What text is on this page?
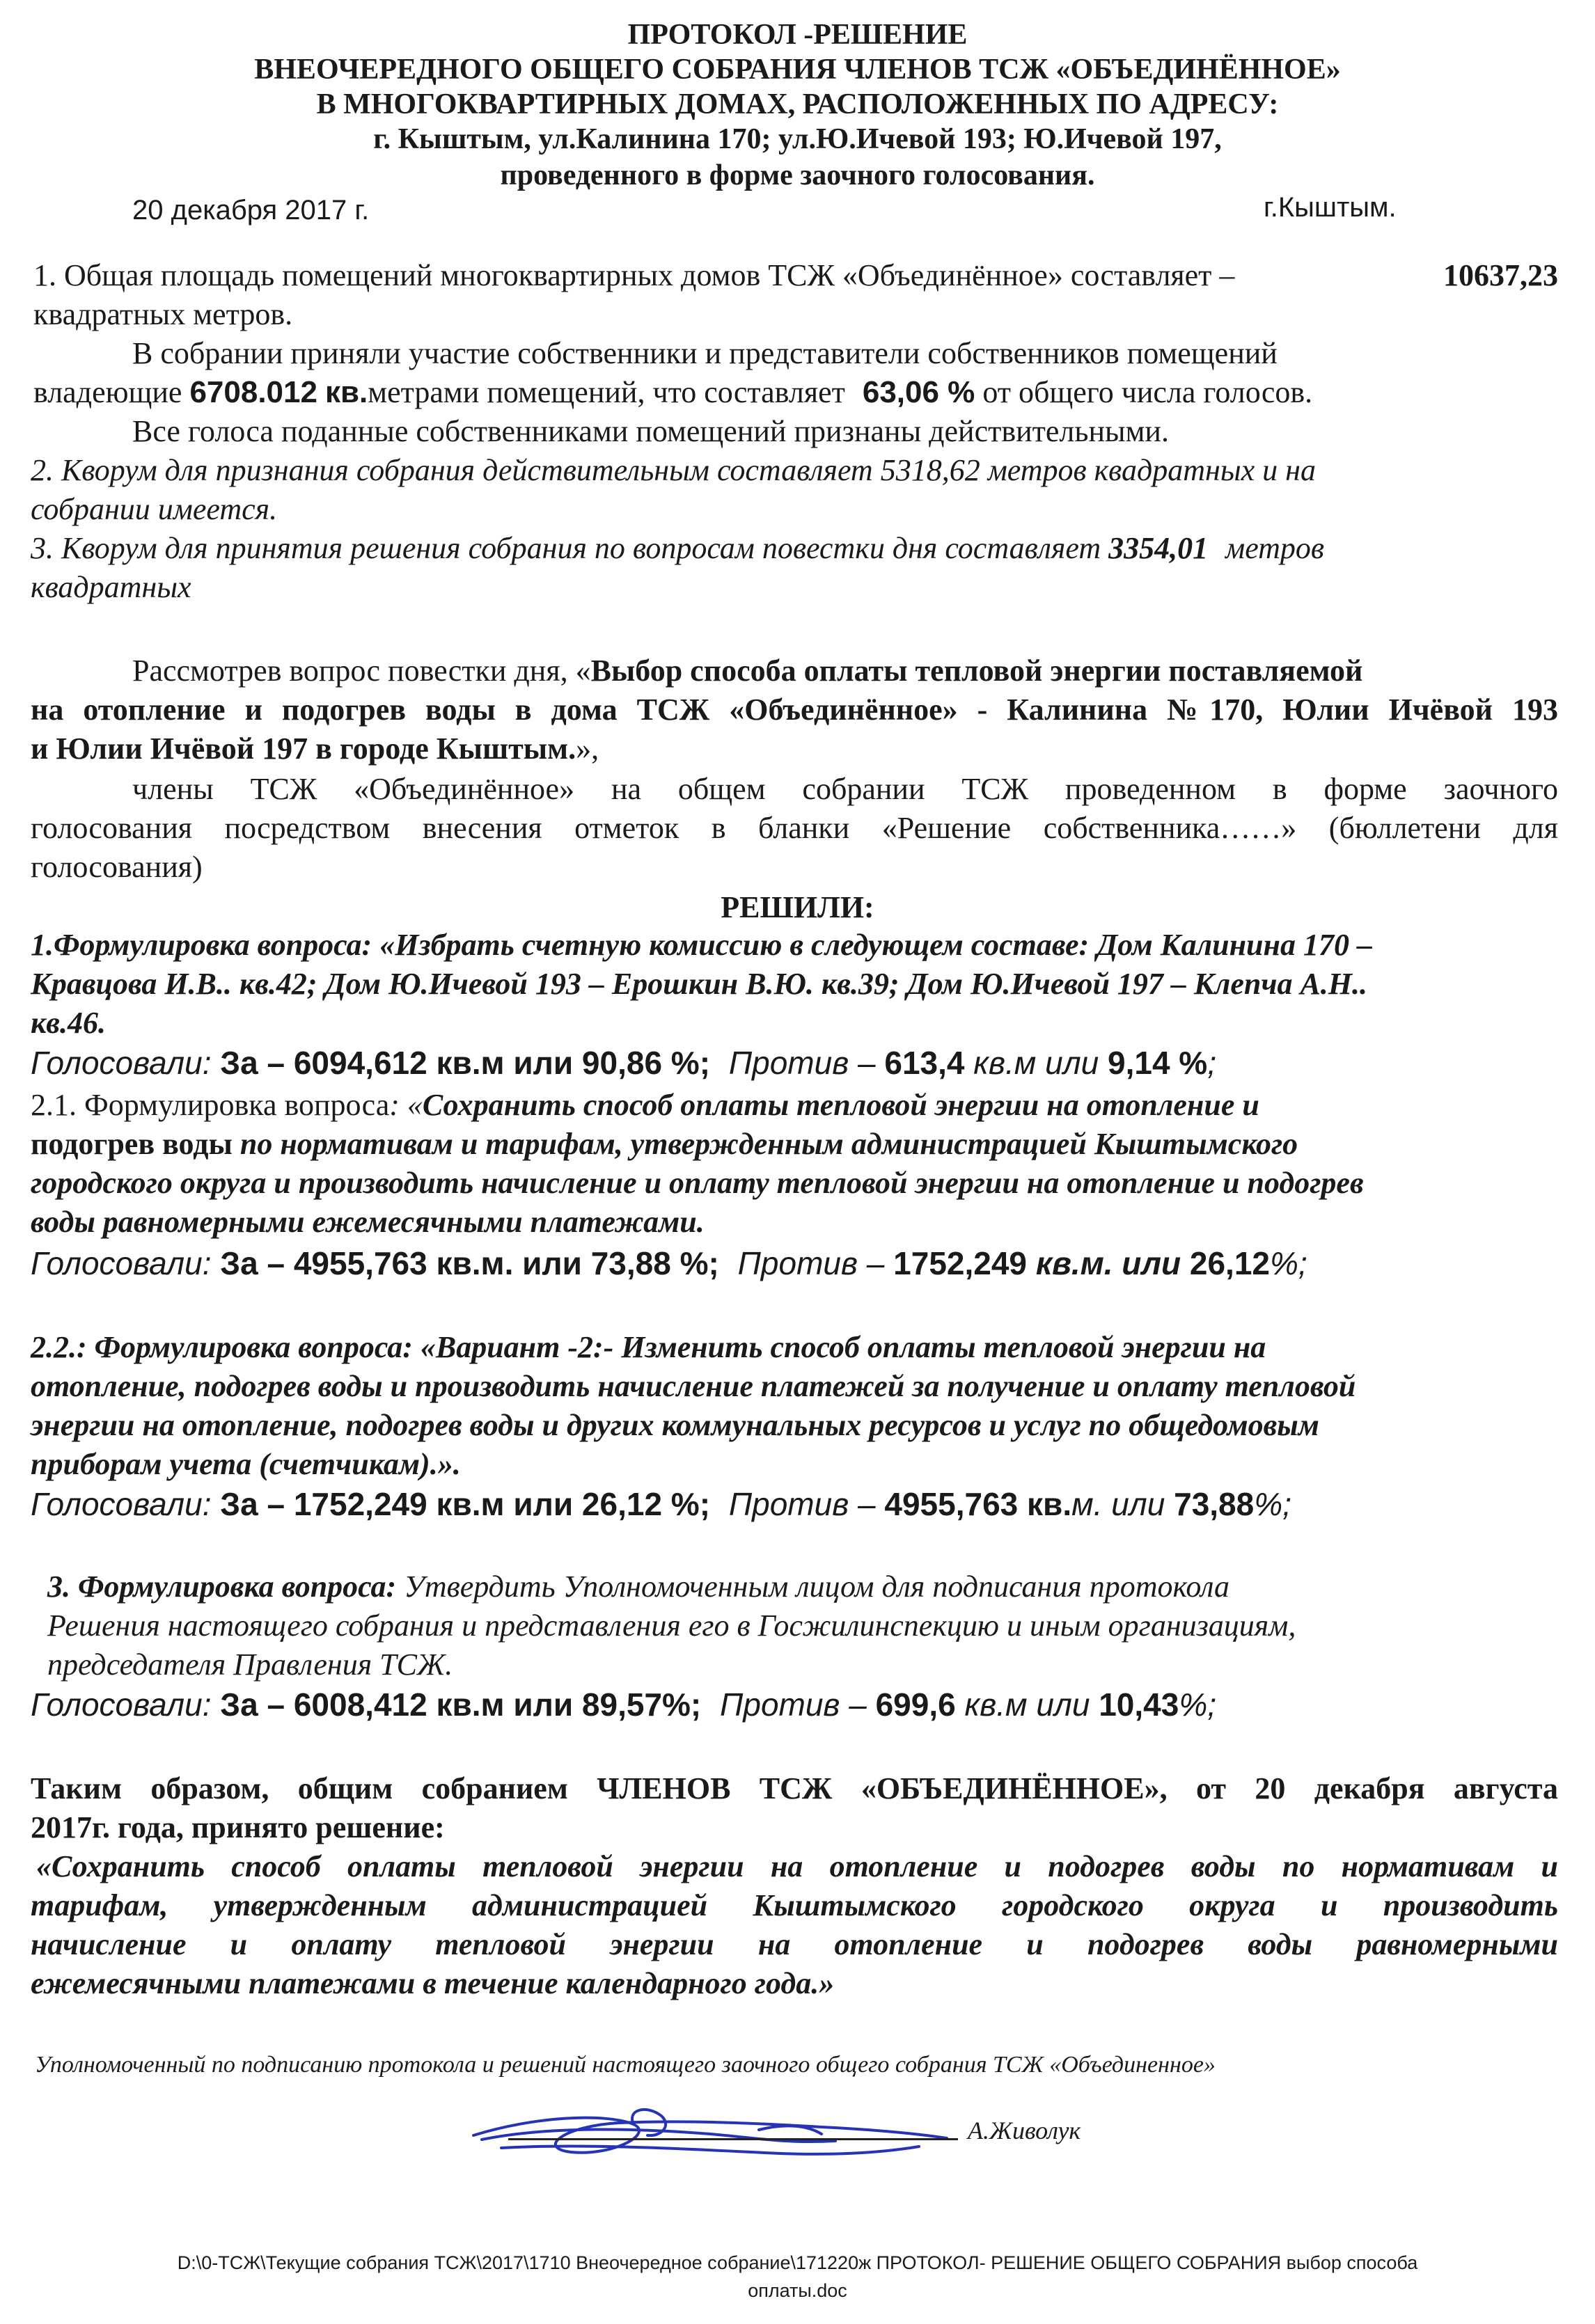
ПРОТОКОЛ -РЕШЕНИЕ
ВНЕОЧЕРЕДНОГО ОБЩЕГО СОБРАНИЯ ЧЛЕНОВ ТСЖ «ОБЪЕДИНЁННОЕ»
В МНОГОКВАРТИРНЫХ ДОМАХ, РАСПОЛОЖЕННЫХ ПО АДРЕСУ:
г. Кыштым, ул.Калинина 170; ул.Ю.Ичевой 193; Ю.Ичевой 197,
проведенного в форме заочного голосования.
20 декабря 2017 г.	г.Кыштым.
1. Общая площадь помещений многоквартирных домов ТСЖ «Объединённое» составляет –	10637,23
квадратных метров.
В собрании приняли участие собственники и представители собственников помещений
владеющие 6708.012 кв.метрами помещений, что составляет 63,06 % от общего числа голосов.
Все голоса поданные собственниками помещений признаны действительными.
2. Кворум для признания собрания действительным составляет 5318,62 метров квадратных и на
собрании имеется.
3. Кворум для принятия решения собрания по вопросам повестки дня составляет 3354,01 метров
квадратных
Рассмотрев вопрос повестки дня, «Выбор способа оплаты тепловой энергии поставляемой
на отопление и подогрев воды в дома ТСЖ «Объединённое» - Калинина №170, Юлии Ичёвой 193
и Юлии Ичёвой 197 в городе Кыштым.»,
члены ТСЖ «Объединённое» на общем собрании ТСЖ проведенном в форме заочного
голосования посредством внесения отметок в бланки «Решение собственника……» (бюллетени для
голосования)
РЕШИЛИ:
1.Формулировка вопроса: «Избрать счетную комиссию в следующем составе: Дом Калинина 170 –
Кравцова И.В.. кв.42; Дом Ю.Ичевой 193 – Ерошкин В.Ю. кв.39; Дом Ю.Ичевой 197 – Клепча А.Н..
кв.46.
Голосовали: За – 6094,612 кв.м или 90,86 %; Против – 613,4 кв.м или 9,14 %;
2.1. Формулировка вопроса: «Сохранить способ оплаты тепловой энергии на отопление и
подогрев воды по нормативам и тарифам, утвержденным администрацией Кыштымского
городского округа и производить начисление и оплату тепловой энергии на отопление и подогрев
воды равномерными ежемесячными платежами.
Голосовали: За – 4955,763 кв.м. или 73,88 %; Против – 1752,249 кв.м. или 26,12%;
2.2.: Формулировка вопроса: «Вариант -2:- Изменить способ оплаты тепловой энергии на
отопление, подогрев воды и производить начисление платежей за получение и оплату тепловой
энергии на отопление, подогрев воды и других коммунальных ресурсов и услуг по общедомовым
приборам учета (счетчикам).».
Голосовали: За – 1752,249 кв.м или 26,12 %; Против – 4955,763 кв.м. или 73,88%;
3. Формулировка вопроса: Утвердить Уполномоченным лицом для подписания протокола
Решения настоящего собрания и представления его в Госжилинспекцию и иным организациям,
председателя Правления ТСЖ.
Голосовали: За – 6008,412 кв.м или 89,57%; Против – 699,6 кв.м или 10,43%;
Таким образом, общим собранием ЧЛЕНОВ ТСЖ «ОБЪЕДИНЁННОЕ», от 20 декабря августа
2017г. года, принято решение:
«Сохранить способ оплаты тепловой энергии на отопление и подогрев воды по нормативам и
тарифам, утвержденным администрацией Кыштымского городского округа и производить
начисление и оплату тепловой энергии на отопление и подогрев воды равномерными
ежемесячными платежами в течение календарного года.»
Уполномоченный по подписанию протокола и решений настоящего заочного общего собрания ТСЖ «Объединенное»
А.Живолук
D:\0-ТСЖ\Текущие собрания ТСЖ\2017\1710 Внеочередное собрание\171220ж ПРОТОКОЛ- РЕШЕНИЕ ОБЩЕГО СОБРАНИЯ выбор способа
оплаты.doc
